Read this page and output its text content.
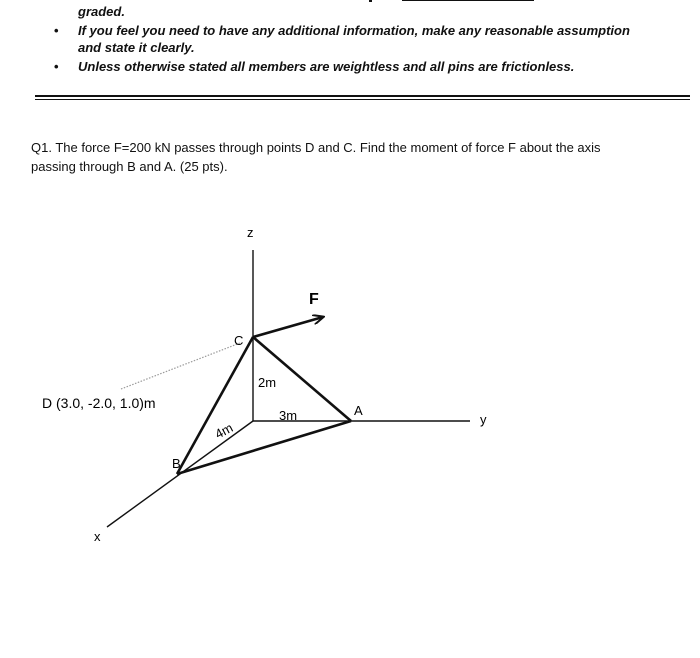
graded.
• If you feel you need to have any additional information, make any reasonable assumption and state it clearly.
• Unless otherwise stated all members are weightless and all pins are frictionless.

Q1. The force F=200 kN passes through points D and C. Find the moment of force F about the axis passing through B and A. (25 pts).

z
y
x
F
C
A
B
D (3.0, -2.0, 1.0)m
2m
3m
4m
